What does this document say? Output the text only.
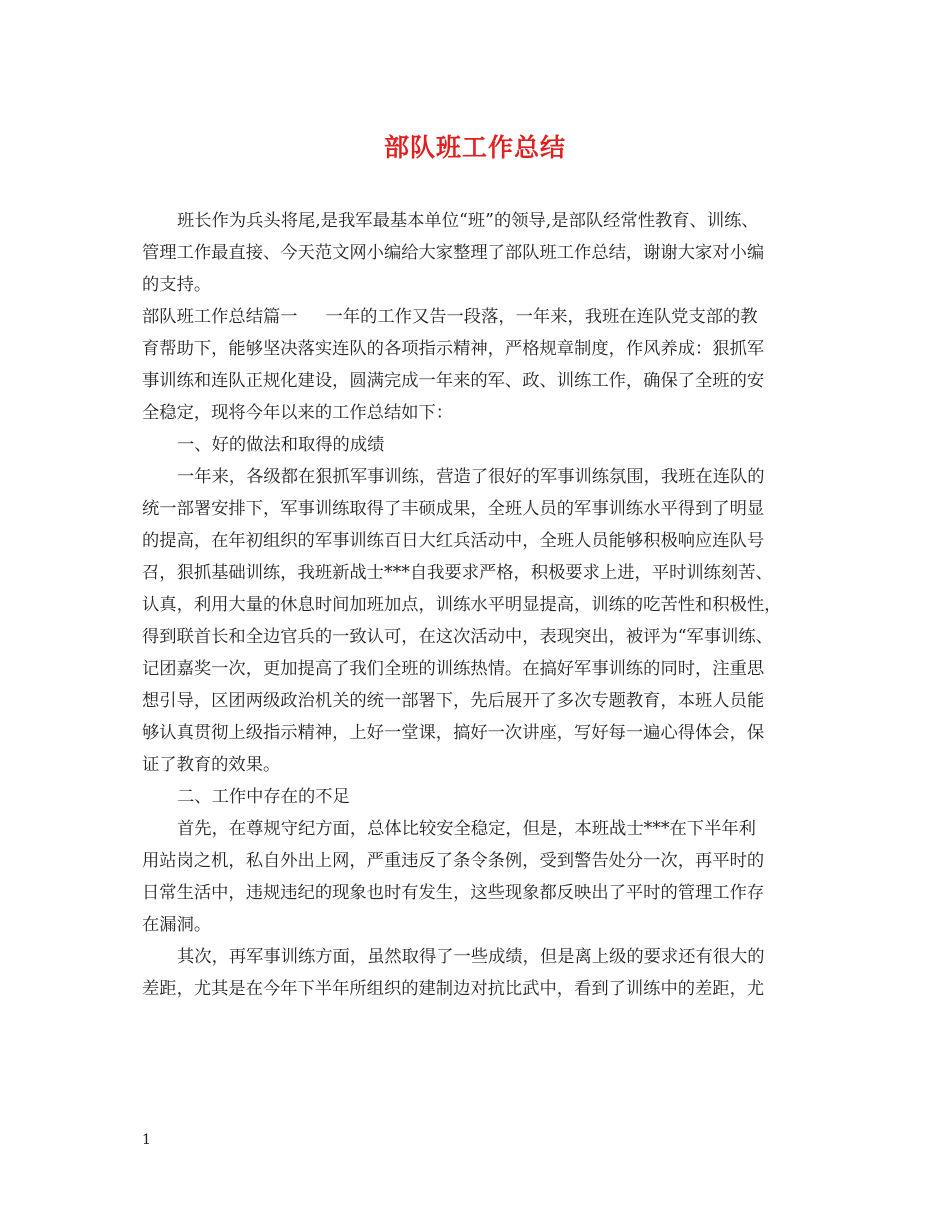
部队班工作总结
班长作为兵头将尾,是我军最基本单位“班”的领导,是部队经常性教育、训练、
管理工作最直接、今天范文网小编给大家整理了部队班工作总结，谢谢大家对小编
的支持。
部队班工作总结篇一 一年的工作又告一段落，一年来，我班在连队党支部的教
育帮助下，能够坚决落实连队的各项指示精神，严格规章制度，作风养成：狠抓军
事训练和连队正规化建设，圆满完成一年来的军、政、训练工作，确保了全班的安
全稳定，现将今年以来的工作总结如下：
一、好的做法和取得的成绩
一年来，各级都在狠抓军事训练，营造了很好的军事训练氛围，我班在连队的
统一部署安排下，军事训练取得了丰硕成果，全班人员的军事训练水平得到了明显
的提高，在年初组织的军事训练百日大红兵活动中，全班人员能够积极响应连队号
召，狠抓基础训练，我班新战士***自我要求严格，积极要求上进，平时训练刻苦、
认真，利用大量的休息时间加班加点，训练水平明显提高，训练的吃苦性和积极性，
得到联首长和全边官兵的一致认可，在这次活动中，表现突出，被评为“军事训练、
记团嘉奖一次，更加提高了我们全班的训练热情。在搞好军事训练的同时，注重思
想引导，区团两级政治机关的统一部署下，先后展开了多次专题教育，本班人员能
够认真贯彻上级指示精神，上好一堂课，搞好一次讲座，写好每一遍心得体会，保
证了教育的效果。
二、工作中存在的不足
首先，在尊规守纪方面，总体比较安全稳定，但是，本班战士***在下半年利
用站岗之机，私自外出上网，严重违反了条令条例，受到警告处分一次，再平时的
日常生活中，违规违纪的现象也时有发生，这些现象都反映出了平时的管理工作存
在漏洞。
其次，再军事训练方面，虽然取得了一些成绩，但是离上级的要求还有很大的
差距，尤其是在今年下半年所组织的建制边对抗比武中，看到了训练中的差距，尤
1
